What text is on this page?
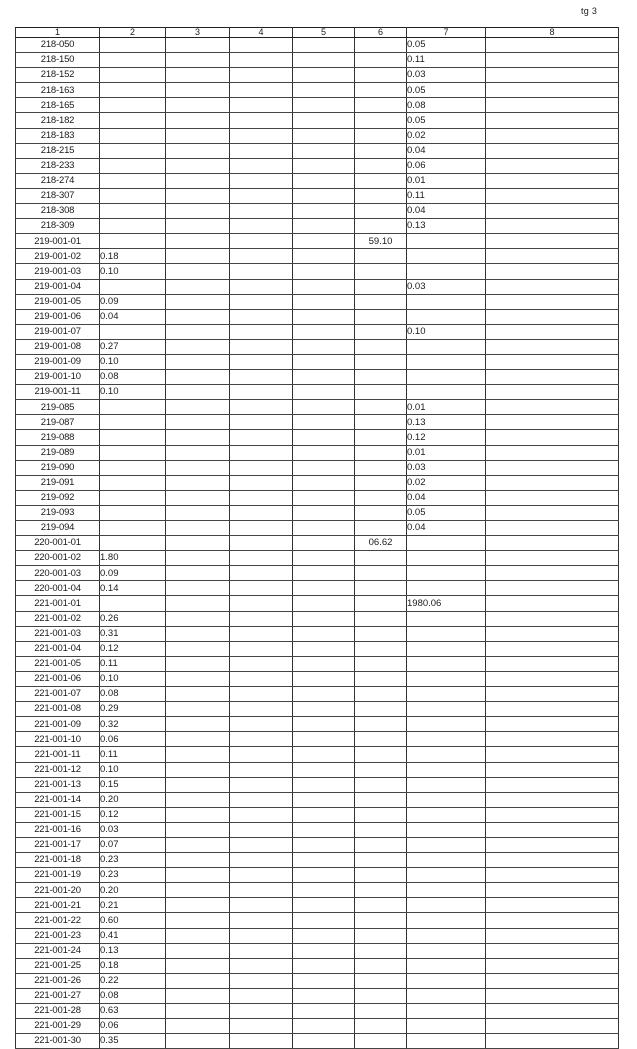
tg 3
1	2	3	4	5	6	7	8
218-050						0.05	
218-150						0.11	
218-152						0.03	
218-163						0.05	
218-165						0.08	
218-182						0.05	
218-183						0.02	
218-215						0.04	
218-233						0.06	
218-274						0.01	
218-307						0.11	
218-308						0.04	
218-309						0.13	
219-001-01					59.10		
219-001-02	0.18						
219-001-03	0.10						
219-001-04						0.03	
219-001-05	0.09						
219-001-06	0.04						
219-001-07						0.10	
219-001-08	0.27						
219-001-09	0.10						
219-001-10	0.08						
219-001-11	0.10						
219-085						0.01	
219-087						0.13	
219-088						0.12	
219-089						0.01	
219-090						0.03	
219-091						0.02	
219-092						0.04	
219-093						0.05	
219-094						0.04	
220-001-01					06.62		
220-001-02	1.80						
220-001-03	0.09						
220-001-04	0.14						
221-001-01						1980.06	
221-001-02	0.26						
221-001-03	0.31						
221-001-04	0.12						
221-001-05	0.11						
221-001-06	0.10						
221-001-07	0.08						
221-001-08	0.29						
221-001-09	0.32						
221-001-10	0.06						
221-001-11	0.11						
221-001-12	0.10						
221-001-13	0.15						
221-001-14	0.20						
221-001-15	0.12						
221-001-16	0.03						
221-001-17	0.07						
221-001-18	0.23						
221-001-19	0.23						
221-001-20	0.20						
221-001-21	0.21						
221-001-22	0.60						
221-001-23	0.41						
221-001-24	0.13						
221-001-25	0.18						
221-001-26	0.22						
221-001-27	0.08						
221-001-28	0.63						
221-001-29	0.06						
221-001-30	0.35						
